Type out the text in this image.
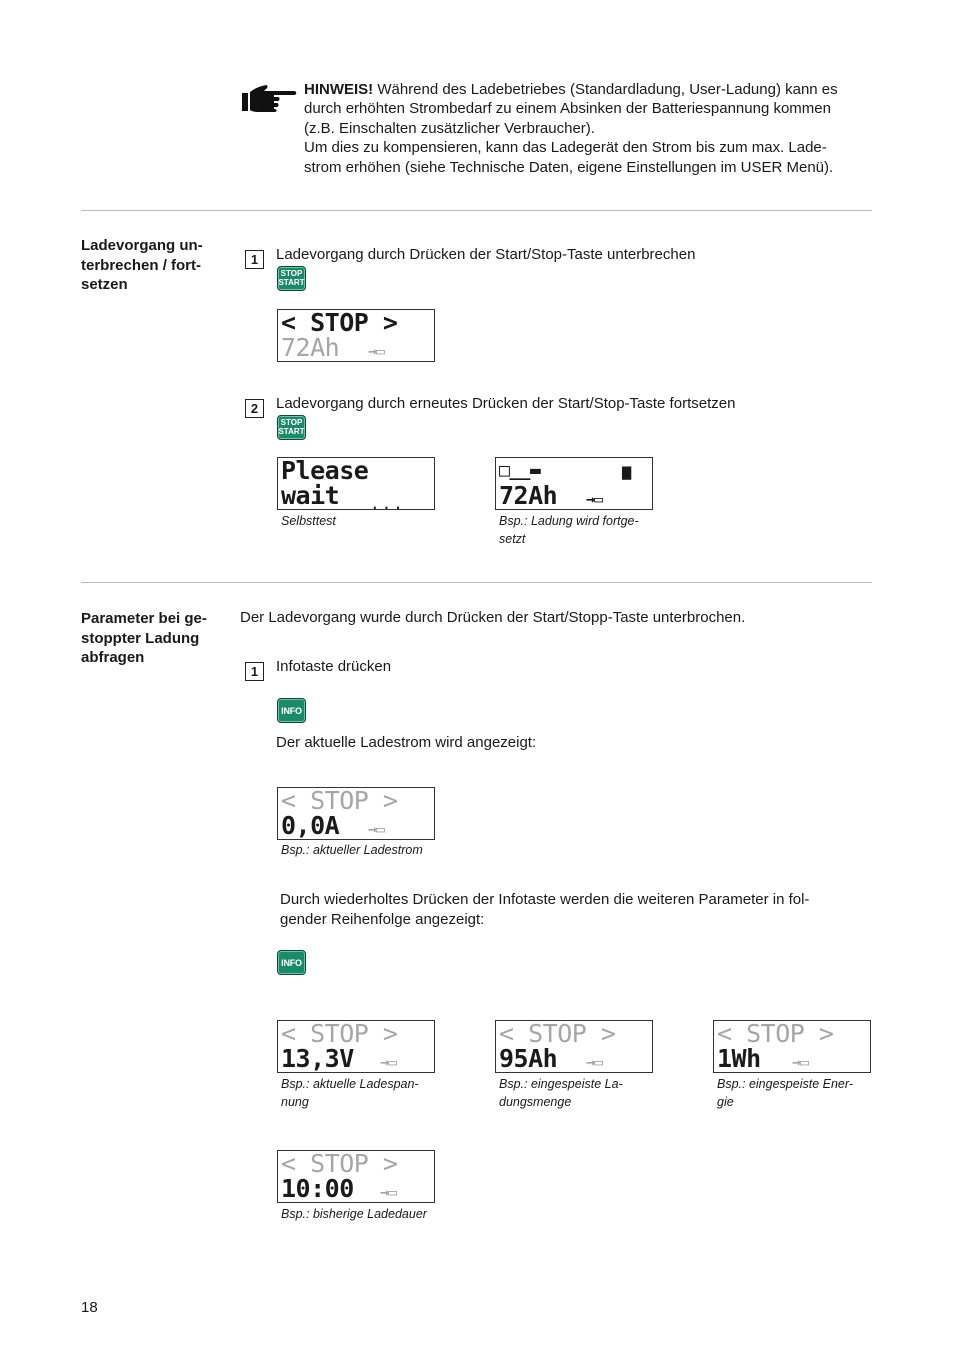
HINWEIS! Während des Ladebetriebes (Standardladung, User-Ladung) kann es
durch erhöhten Strombedarf zu einem Absinken der Batteriespannung kommen
(z.B. Einschalten zusätzlicher Verbraucher).
Um dies zu kompensieren, kann das Ladegerät den Strom bis zum max. Lade-
strom erhöhen (siehe Technische Daten, eigene Einstellungen im USER Menü).
Ladevorgang un-
terbrechen / fort-
setzen
1	Ladevorgang durch Drücken der Start/Stop-Taste unterbrechen
STOP
START
< STOP >
72Ah →▭
2	Ladevorgang durch erneutes Drücken der Start/Stop-Taste fortsetzen
STOP
START
Please
wait ...
Selbsttest
□__▬	▆
72Ah →▭
Bsp.: Ladung wird fortge-
setzt
Parameter bei ge-
stoppter Ladung
abfragen
Der Ladevorgang wurde durch Drücken der Start/Stopp-Taste unterbrochen.
1	Infotaste drücken
INFO
Der aktuelle Ladestrom wird angezeigt:
< STOP >
0,0A →▭
Bsp.: aktueller Ladestrom
Durch wiederholtes Drücken der Infotaste werden die weiteren Parameter in fol-
gender Reihenfolge angezeigt:
INFO
< STOP >
13,3V →▭
Bsp.: aktuelle Ladespan-
nung
< STOP >
95Ah →▭
Bsp.: eingespeiste La-
dungsmenge
< STOP >
1Wh →▭
Bsp.: eingespeiste Ener-
gie
< STOP >
10:00 →▭
Bsp.: bisherige Ladedauer
18
